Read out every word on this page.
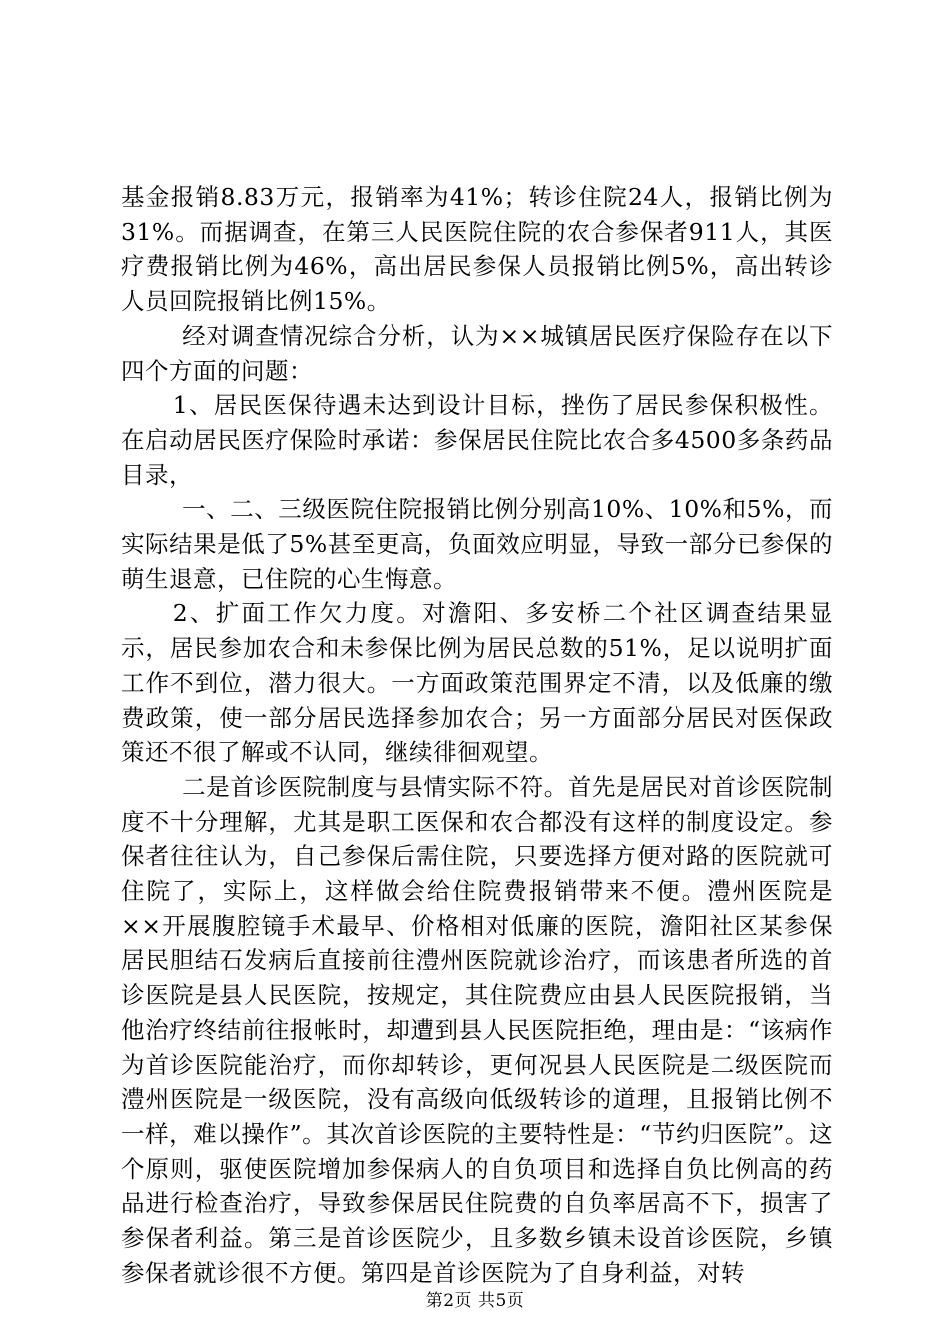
基金报销8.83万元，报销率为41%；转诊住院24人，报销比例为31%。而据调查，在第三人民医院住院的农合参保者911人，其医疗费报销比例为46%，高出居民参保人员报销比例5%，高出转诊人员回院报销比例15%。

经对调查情况综合分析，认为××城镇居民医疗保险存在以下四个方面的问题：

1、居民医保待遇未达到设计目标，挫伤了居民参保积极性。在启动居民医疗保险时承诺：参保居民住院比农合多4500多条药品目录，

一、二、三级医院住院报销比例分别高10%、10%和5%，而实际结果是低了5%甚至更高，负面效应明显，导致一部分已参保的萌生退意，已住院的心生悔意。

2、扩面工作欠力度。对澹阳、多安桥二个社区调查结果显示，居民参加农合和未参保比例为居民总数的51%，足以说明扩面工作不到位，潜力很大。一方面政策范围界定不清，以及低廉的缴费政策，使一部分居民选择参加农合；另一方面部分居民对医保政策还不很了解或不认同，继续徘徊观望。

二是首诊医院制度与县情实际不符。首先是居民对首诊医院制度不十分理解，尤其是职工医保和农合都没有这样的制度设定。参保者往往认为，自己参保后需住院，只要选择方便对路的医院就可住院了，实际上，这样做会给住院费报销带来不便。澧州医院是××开展腹腔镜手术最早、价格相对低廉的医院，澹阳社区某参保居民胆结石发病后直接前往澧州医院就诊治疗，而该患者所选的首诊医院是县人民医院，按规定，其住院费应由县人民医院报销，当他治疗终结前往报帐时，却遭到县人民医院拒绝，理由是：“该病作为首诊医院能治疗，而你却转诊，更何况县人民医院是二级医院而澧州医院是一级医院，没有高级向低级转诊的道理，且报销比例不一样，难以操作”。其次首诊医院的主要特性是：“节约归医院”。这个原则，驱使医院增加参保病人的自负项目和选择自负比例高的药品进行检查治疗，导致参保居民住院费的自负率居高不下，损害了参保者利益。第三是首诊医院少，且多数乡镇未设首诊医院，乡镇参保者就诊很不方便。第四是首诊医院为了自身利益，对转

第2页 共5页
